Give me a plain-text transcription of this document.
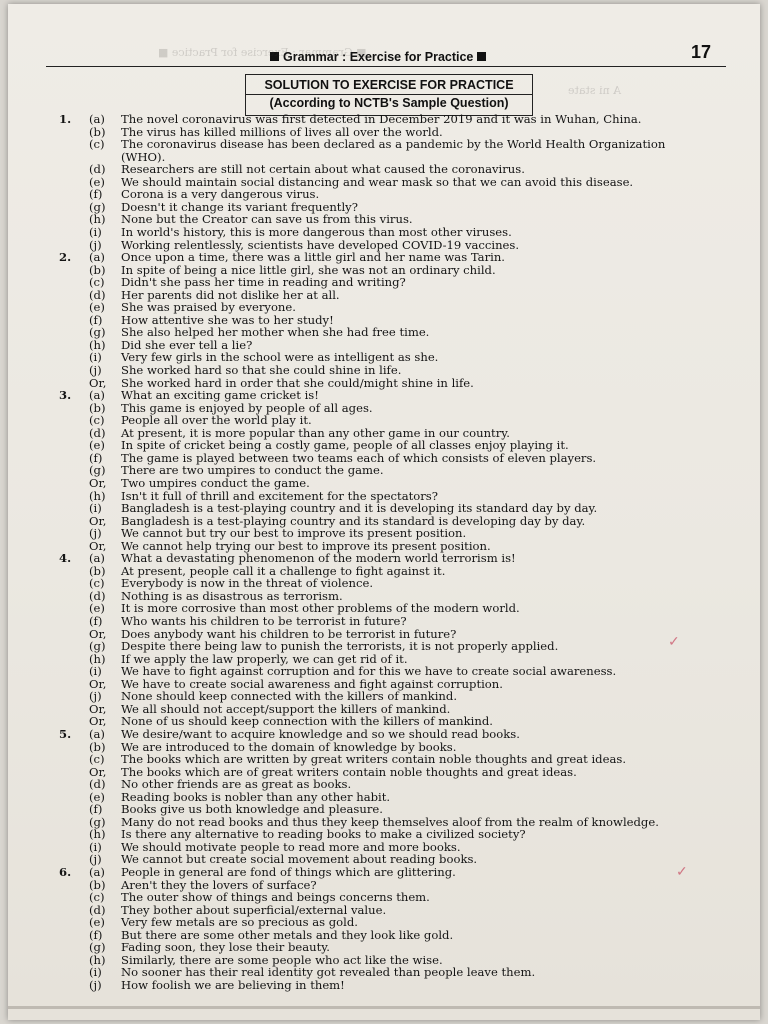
Grammar : Exercise for Practice	17
SOLUTION TO EXERCISE FOR PRACTICE
(According to NCTB's Sample Question)
1. (a) The novel coronavirus was first detected in December 2019 and it was in Wuhan, China.
(b) The virus has killed millions of lives all over the world.
(c) The coronavirus disease has been declared as a pandemic by the World Health Organization
(WHO).
(d) Researchers are still not certain about what caused the coronavirus.
(e) We should maintain social distancing and wear mask so that we can avoid this disease.
(f) Corona is a very dangerous virus.
(g) Doesn't it change its variant frequently?
(h) None but the Creator can save us from this virus.
(i) In world's history, this is more dangerous than most other viruses.
(j) Working relentlessly, scientists have developed COVID-19 vaccines.
2. (a) Once upon a time, there was a little girl and her name was Tarin.
(b) In spite of being a nice little girl, she was not an ordinary child.
(c) Didn't she pass her time in reading and writing?
(d) Her parents did not dislike her at all.
(e) She was praised by everyone.
(f) How attentive she was to her study!
(g) She also helped her mother when she had free time.
(h) Did she ever tell a lie?
(i) Very few girls in the school were as intelligent as she.
(j) She worked hard so that she could shine in life.
Or, She worked hard in order that she could/might shine in life.
3. (a) What an exciting game cricket is!
(b) This game is enjoyed by people of all ages.
(c) People all over the world play it.
(d) At present, it is more popular than any other game in our country.
(e) In spite of cricket being a costly game, people of all classes enjoy playing it.
(f) The game is played between two teams each of which consists of eleven players.
(g) There are two umpires to conduct the game.
Or, Two umpires conduct the game.
(h) Isn't it full of thrill and excitement for the spectators?
(i) Bangladesh is a test-playing country and it is developing its standard day by day.
Or, Bangladesh is a test-playing country and its standard is developing day by day.
(j) We cannot but try our best to improve its present position.
Or, We cannot help trying our best to improve its present position.
4. (a) What a devastating phenomenon of the modern world terrorism is!
(b) At present, people call it a challenge to fight against it.
(c) Everybody is now in the threat of violence.
(d) Nothing is as disastrous as terrorism.
(e) It is more corrosive than most other problems of the modern world.
(f) Who wants his children to be terrorist in future?
Or, Does anybody want his children to be terrorist in future?
(g) Despite there being law to punish the terrorists, it is not properly applied.
(h) If we apply the law properly, we can get rid of it.
(i) We have to fight against corruption and for this we have to create social awareness.
Or, We have to create social awareness and fight against corruption.
(j) None should keep connected with the killers of mankind.
Or, We all should not accept/support the killers of mankind.
Or, None of us should keep connection with the killers of mankind.
5. (a) We desire/want to acquire knowledge and so we should read books.
(b) We are introduced to the domain of knowledge by books.
(c) The books which are written by great writers contain noble thoughts and great ideas.
Or, The books which are of great writers contain noble thoughts and great ideas.
(d) No other friends are as great as books.
(e) Reading books is nobler than any other habit.
(f) Books give us both knowledge and pleasure.
(g) Many do not read books and thus they keep themselves aloof from the realm of knowledge.
(h) Is there any alternative to reading books to make a civilized society?
(i) We should motivate people to read more and more books.
(j) We cannot but create social movement about reading books.
6. (a) People in general are fond of things which are glittering.
(b) Aren't they the lovers of surface?
(c) The outer show of things and beings concerns them.
(d) They bother about superficial/external value.
(e) Very few metals are so precious as gold.
(f) But there are some other metals and they look like gold.
(g) Fading soon, they lose their beauty.
(h) Similarly, there are some people who act like the wise.
(i) No sooner has their real identity got revealed than people leave them.
(j) How foolish we are believing in them!
■ Grammar : Exercise for Practice ■
A ni state
✓
✓
